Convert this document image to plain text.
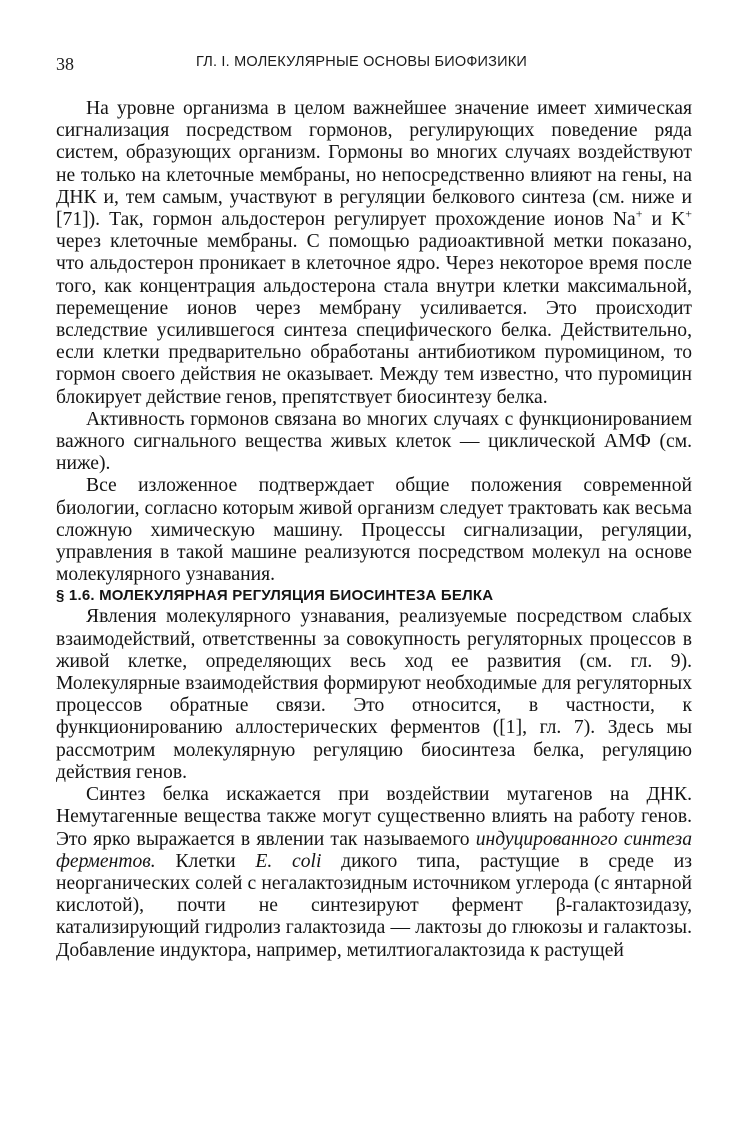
38	ГЛ. I. МОЛЕКУЛЯРНЫЕ ОСНОВЫ БИОФИЗИКИ

На уровне организма в целом важнейшее значение имеет химическая сигнализация посредством гормонов, регулирующих поведение ряда систем, образующих организм. Гормоны во многих случаях воздействуют не только на клеточные мембраны, но непосредственно влияют на гены, на ДНК и, тем самым, участвуют в регуляции белкового синтеза (см. ниже и [71]). Так, гормон альдостерон регулирует прохождение ионов Na+ и K+ через клеточные мембраны. С помощью радиоактивной метки показано, что альдостерон проникает в клеточное ядро. Через некоторое время после того, как концентрация альдостерона стала внутри клетки максимальной, перемещение ионов через мембрану усиливается. Это происходит вследствие усилившегося синтеза специфического белка. Действительно, если клетки предварительно обработаны антибиотиком пуромицином, то гормон своего действия не оказывает. Между тем известно, что пуромицин блокирует действие генов, препятствует биосинтезу белка.

Активность гормонов связана во многих случаях с функционированием важного сигнального вещества живых клеток — циклической АМФ (см. ниже).

Все изложенное подтверждает общие положения современной биологии, согласно которым живой организм следует трактовать как весьма сложную химическую машину. Процессы сигнализации, регуляции, управления в такой машине реализуются посредством молекул на основе молекулярного узнавания.

§ 1.6. МОЛЕКУЛЯРНАЯ РЕГУЛЯЦИЯ БИОСИНТЕЗА БЕЛКА

Явления молекулярного узнавания, реализуемые посредством слабых взаимодействий, ответственны за совокупность регуляторных процессов в живой клетке, определяющих весь ход ее развития (см. гл. 9). Молекулярные взаимодействия формируют необходимые для регуляторных процессов обратные связи. Это относится, в частности, к функционированию аллостерических ферментов ([1], гл. 7). Здесь мы рассмотрим молекулярную регуляцию биосинтеза белка, регуляцию действия генов.

Синтез белка искажается при воздействии мутагенов на ДНК. Немутагенные вещества также могут существенно влиять на работу генов. Это ярко выражается в явлении так называемого индуцированного синтеза ферментов. Клетки E. coli дикого типа, растущие в среде из неорганических солей с негалактозидным источником углерода (с янтарной кислотой), почти не синтезируют фермент β-галактозидазу, катализирующий гидролиз галактозида — лактозы до глюкозы и галактозы. Добавление индуктора, например, метилтиогалактозида к растущей
